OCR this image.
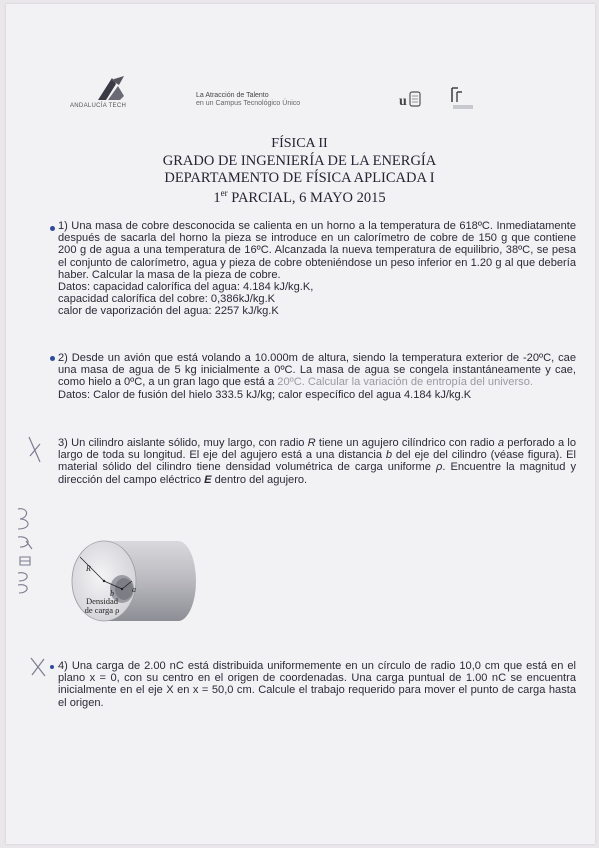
ANDALUCÍA TECH
La Atracción de Talento
en un Campus Tecnológico Único	u
FÍSICA II
GRADO DE INGENIERÍA DE LA ENERGÍA
DEPARTAMENTO DE FÍSICA APLICADA I
1er PARCIAL, 6 MAYO 2015

1) Una masa de cobre desconocida se calienta en un horno a la temperatura de 618ºC. Inmediatamente después de sacarla del horno la pieza se introduce en un calorímetro de cobre de 150 g que contiene 200 g de agua a una temperatura de 16ºC. Alcanzada la nueva temperatura de equilibrio, 38ºC, se pesa el conjunto de calorímetro, agua y pieza de cobre obteniéndose un peso inferior en 1.20 g al que debería haber. Calcular la masa de la pieza de cobre.

Datos: capacidad calorífica del agua: 4.184 kJ/kg.K,

capacidad calorífica del cobre: 0,386kJ/kg.K

calor de vaporización del agua: 2257 kJ/kg.K

2) Desde un avión que está volando a 10.000m de altura, siendo la temperatura exterior de -20ºC, cae una masa de agua de 5 kg inicialmente a 0ºC. La masa de agua se congela instantáneamente y cae, como hielo a 0ºC, a un gran lago que está a 20ºC. Calcular la variación de entropía del universo.

Datos: Calor de fusión del hielo 333.5 kJ/kg; calor específico del agua 4.184 kJ/kg.K

3) Un cilindro aislante sólido, muy largo, con radio R tiene un agujero cilíndrico con radio a perforado a lo largo de toda su longitud. El eje del agujero está a una distancia b del eje del cilindro (véase figura). El material sólido del cilindro tiene densidad volumétrica de carga uniforme ρ. Encuentre la magnitud y dirección del campo eléctrico E dentro del agujero.

R
b a
Densidad
de carga ρ

4) Una carga de 2.00 nC está distribuida uniformemente en un círculo de radio 10,0 cm que está en el plano x = 0, con su centro en el origen de coordenadas. Una carga puntual de 1.00 nC se encuentra inicialmente en el eje X en x = 50,0 cm. Calcule el trabajo requerido para mover el punto de carga hasta el origen.
